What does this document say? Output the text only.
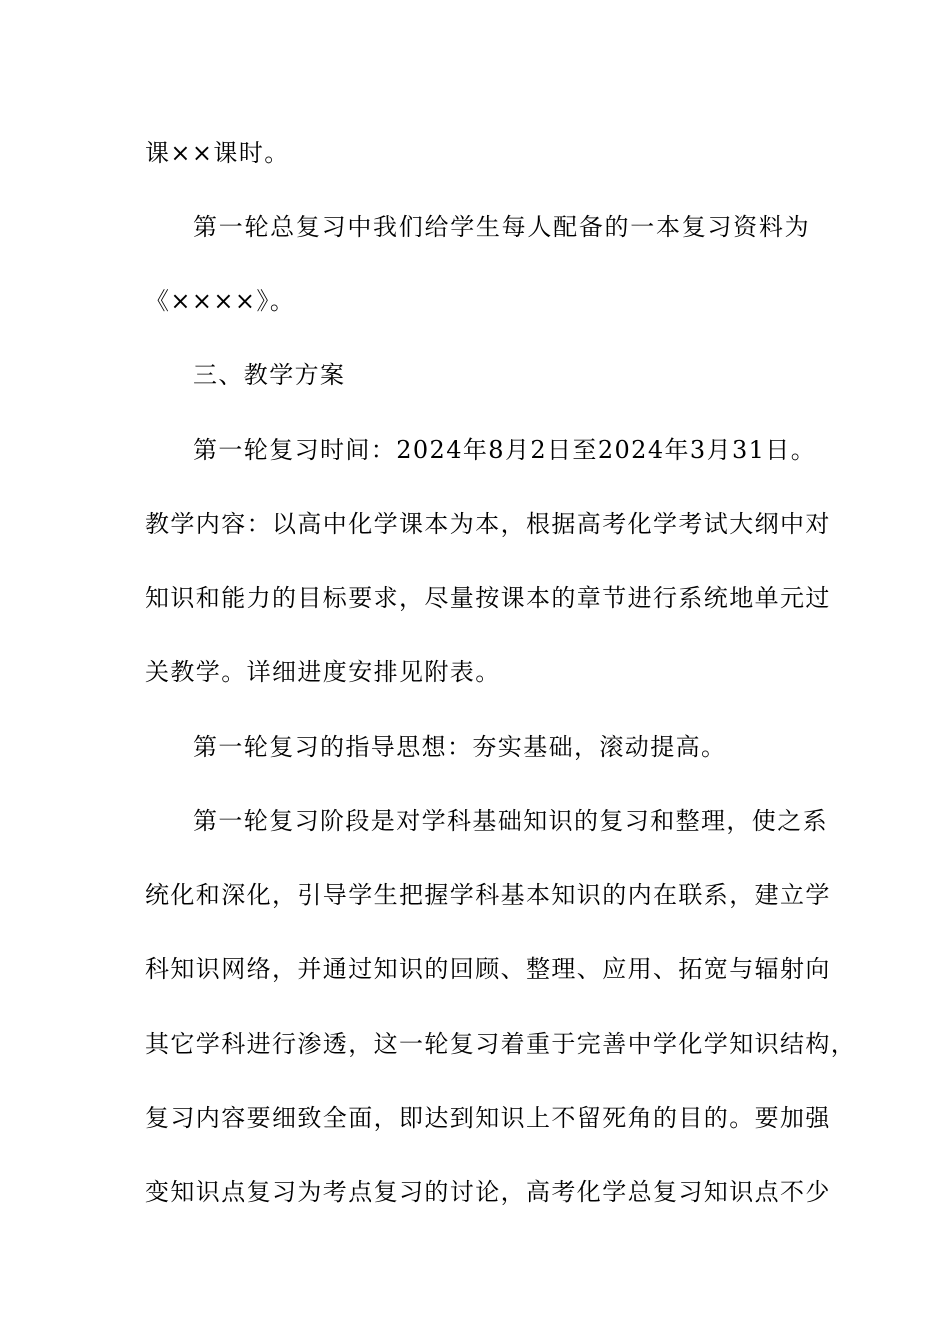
课××课时。
第一轮总复习中我们给学生每人配备的一本复习资料为
《××××》。
三、教学方案
第一轮复习时间：2024年8月2日至2024年3月31日。
教学内容：以高中化学课本为本，根据高考化学考试大纲中对
知识和能力的目标要求，尽量按课本的章节进行系统地单元过
关教学。详细进度安排见附表。
第一轮复习的指导思想：夯实基础，滚动提高。
第一轮复习阶段是对学科基础知识的复习和整理，使之系
统化和深化，引导学生把握学科基本知识的内在联系，建立学
科知识网络，并通过知识的回顾、整理、应用、拓宽与辐射向
其它学科进行渗透，这一轮复习着重于完善中学化学知识结构，
复习内容要细致全面，即达到知识上不留死角的目的。要加强
变知识点复习为考点复习的讨论，高考化学总复习知识点不少
